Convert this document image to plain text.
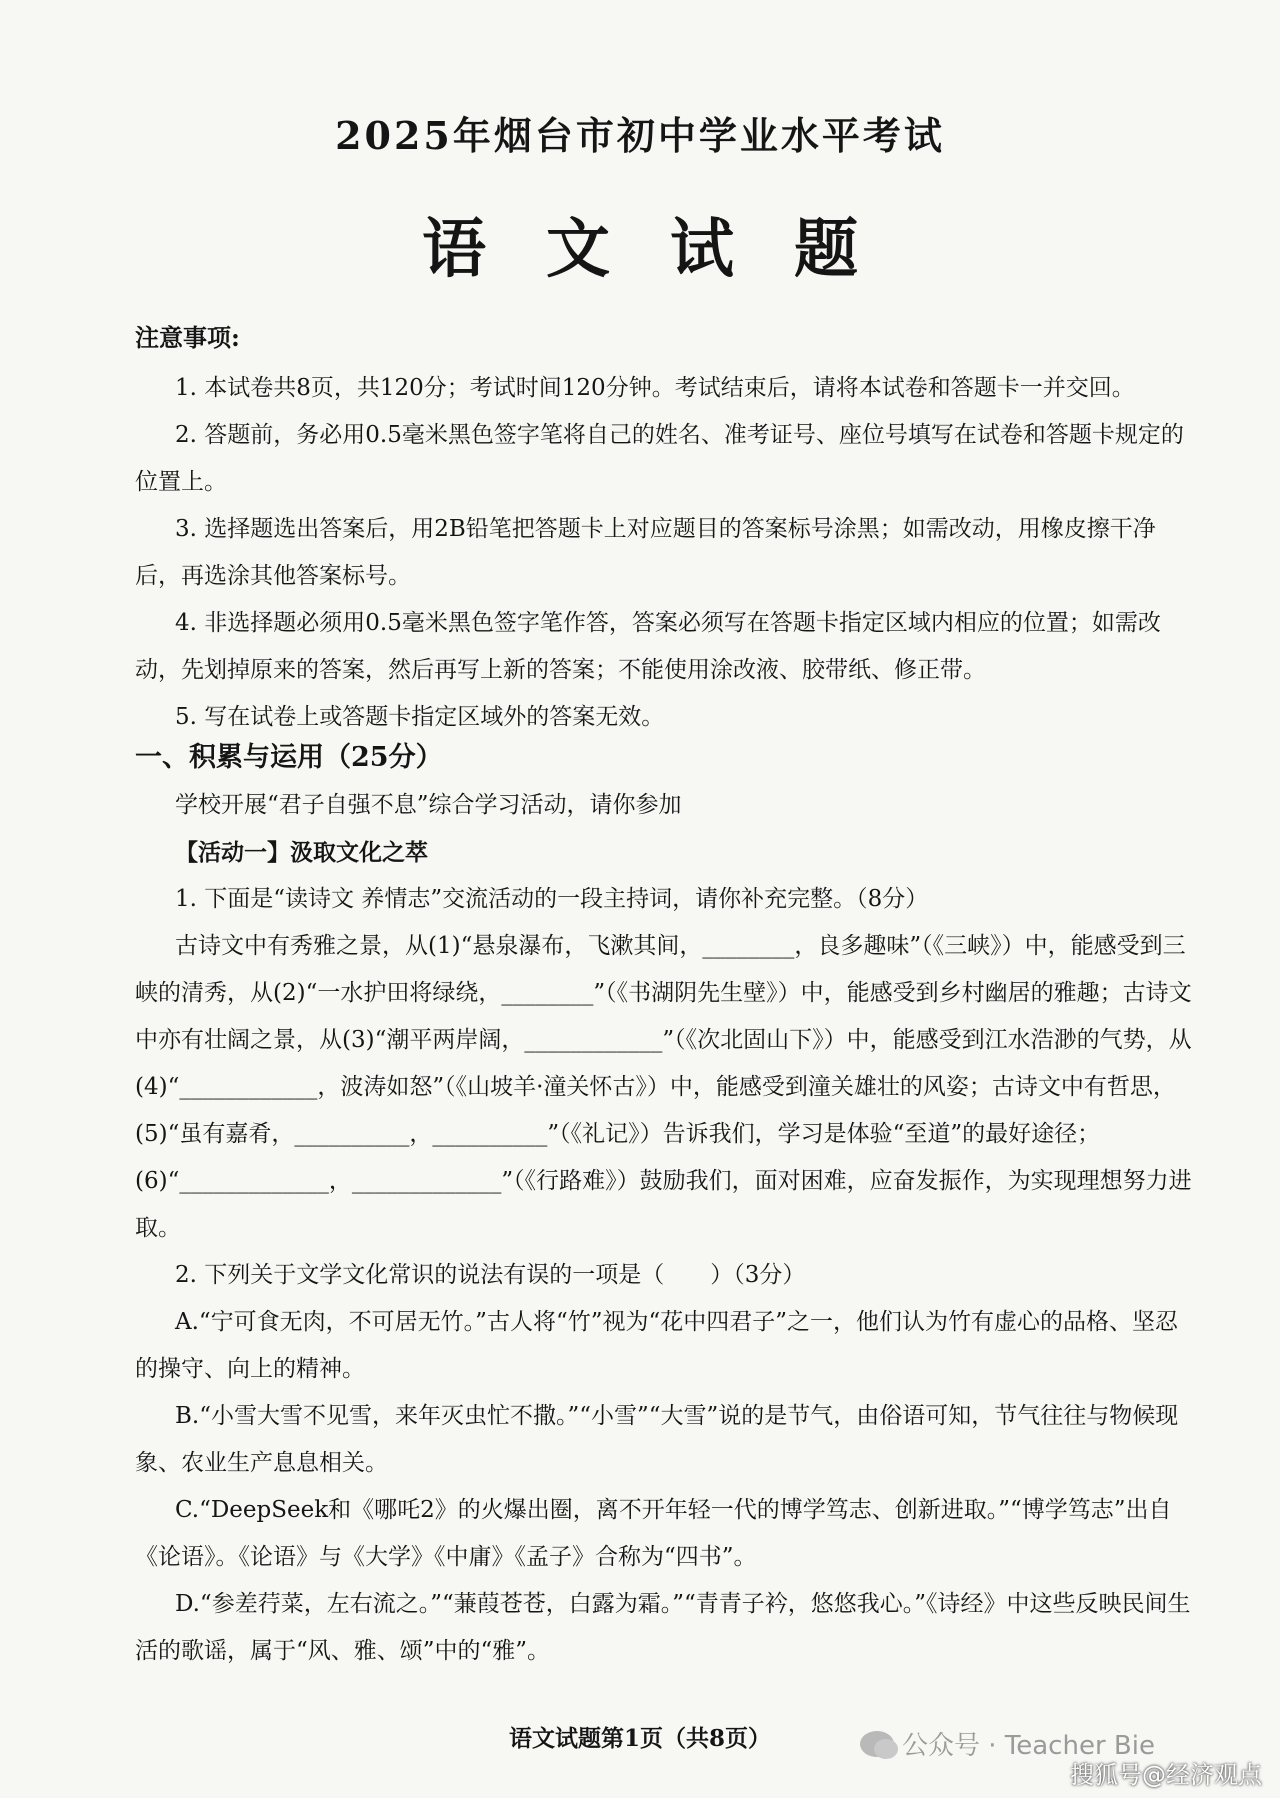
2025年烟台市初中学业水平考试
语文试题
注意事项:

1. 本试卷共8页，共120分；考试时间120分钟。考试结束后，请将本试卷和答题卡一并交回。

2. 答题前，务必用0.5毫米黑色签字笔将自己的姓名、准考证号、座位号填写在试卷和答题卡规定的位置上。

3. 选择题选出答案后，用2B铅笔把答题卡上对应题目的答案标号涂黑；如需改动，用橡皮擦干净后，再选涂其他答案标号。

4. 非选择题必须用0.5毫米黑色签字笔作答，答案必须写在答题卡指定区域内相应的位置；如需改动，先划掉原来的答案，然后再写上新的答案；不能使用涂改液、胶带纸、修正带。

5. 写在试卷上或答题卡指定区域外的答案无效。

一、积累与运用（25分）

学校开展“君子自强不息”综合学习活动，请你参加

【活动一】汲取文化之萃

1. 下面是“读诗文 养情志”交流活动的一段主持词，请你补充完整。（8分）

古诗文中有秀雅之景，从(1)“悬泉瀑布，飞漱其间，________，良多趣味”（《三峡》）中，能感受到三峡的清秀，从(2)“一水护田将绿绕，________”（《书湖阴先生壁》）中，能感受到乡村幽居的雅趣；古诗文中亦有壮阔之景，从(3)“潮平两岸阔，____________”（《次北固山下》）中，能感受到江水浩渺的气势，从(4)“____________，波涛如怒”（《山坡羊·潼关怀古》）中，能感受到潼关雄壮的风姿；古诗文中有哲思，(5)“虽有嘉肴，__________，__________”（《礼记》）告诉我们，学习是体验“至道”的最好途径；(6)“_____________，_____________”（《行路难》）鼓励我们，面对困难，应奋发振作，为实现理想努力进取。

2. 下列关于文学文化常识的说法有误的一项是（　　）（3分）

A.“宁可食无肉，不可居无竹。”古人将“竹”视为“花中四君子”之一，他们认为竹有虚心的品格、坚忍的操守、向上的精神。

B.“小雪大雪不见雪，来年灭虫忙不撒。”“小雪”“大雪”说的是节气，由俗语可知，节气往往与物候现象、农业生产息息相关。

C.“DeepSeek和《哪吒2》的火爆出圈，离不开年轻一代的博学笃志、创新进取。”“博学笃志”出自《论语》。《论语》与《大学》《中庸》《孟子》合称为“四书”。

D.“参差荇菜，左右流之。”“蒹葭苍苍，白露为霜。”“青青子衿，悠悠我心。”《诗经》中这些反映民间生活的歌谣，属于“风、雅、颂”中的“雅”。

语文试题第1页（共8页）	公众号 · Teacher Bie
搜狐号@经济观点
